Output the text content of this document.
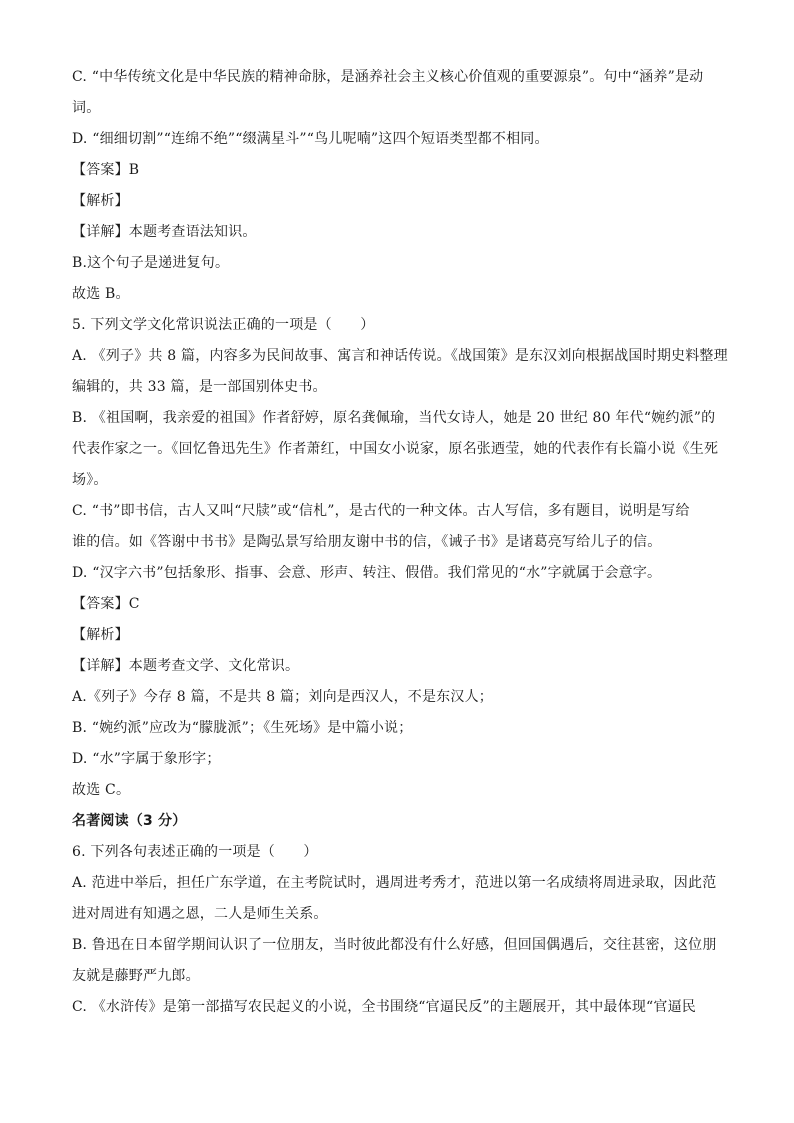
C. “中华传统文化是中华民族的精神命脉，是涵养社会主义核心价值观的重要源泉”。句中“涵养”是动
词。
D. “细细切割”“连绵不绝”“缀满星斗”“鸟儿呢喃”这四个短语类型都不相同。
【答案】B
【解析】
【详解】本题考查语法知识。
B.这个句子是递进复句。
故选 B。
5. 下列文学文化常识说法正确的一项是（　　）
A. 《列子》共 8 篇，内容多为民间故事、寓言和神话传说。《战国策》是东汉刘向根据战国时期史料整理
编辑的，共 33 篇，是一部国别体史书。
B. 《祖国啊，我亲爱的祖国》作者舒婷，原名龚佩瑜，当代女诗人，她是 20 世纪 80 年代“婉约派”的
代表作家之一。《回忆鲁迅先生》作者萧红，中国女小说家，原名张迺莹，她的代表作有长篇小说《生死
场》。
C. “书”即书信，古人又叫“尺牍”或“信札”，是古代的一种文体。古人写信，多有题目，说明是写给
谁的信。如《答谢中书书》是陶弘景写给朋友谢中书的信，《诫子书》是诸葛亮写给儿子的信。
D. “汉字六书”包括象形、指事、会意、形声、转注、假借。我们常见的“水”字就属于会意字。
【答案】C
【解析】
【详解】本题考查文学、文化常识。
A.《列子》今存 8 篇，不是共 8 篇；刘向是西汉人，不是东汉人；
B. “婉约派”应改为“朦胧派”；《生死场》是中篇小说；
D. “水”字属于象形字；
故选 C。
名著阅读（3 分）
6. 下列各句表述正确的一项是（　　）
A. 范进中举后，担任广东学道，在主考院试时，遇周进考秀才，范进以第一名成绩将周进录取，因此范
进对周进有知遇之恩，二人是师生关系。
B. 鲁迅在日本留学期间认识了一位朋友，当时彼此都没有什么好感，但回国偶遇后，交往甚密，这位朋
友就是藤野严九郎。
C. 《水浒传》是第一部描写农民起义的小说，全书围绕“官逼民反”的主题展开，其中最体现“官逼民
